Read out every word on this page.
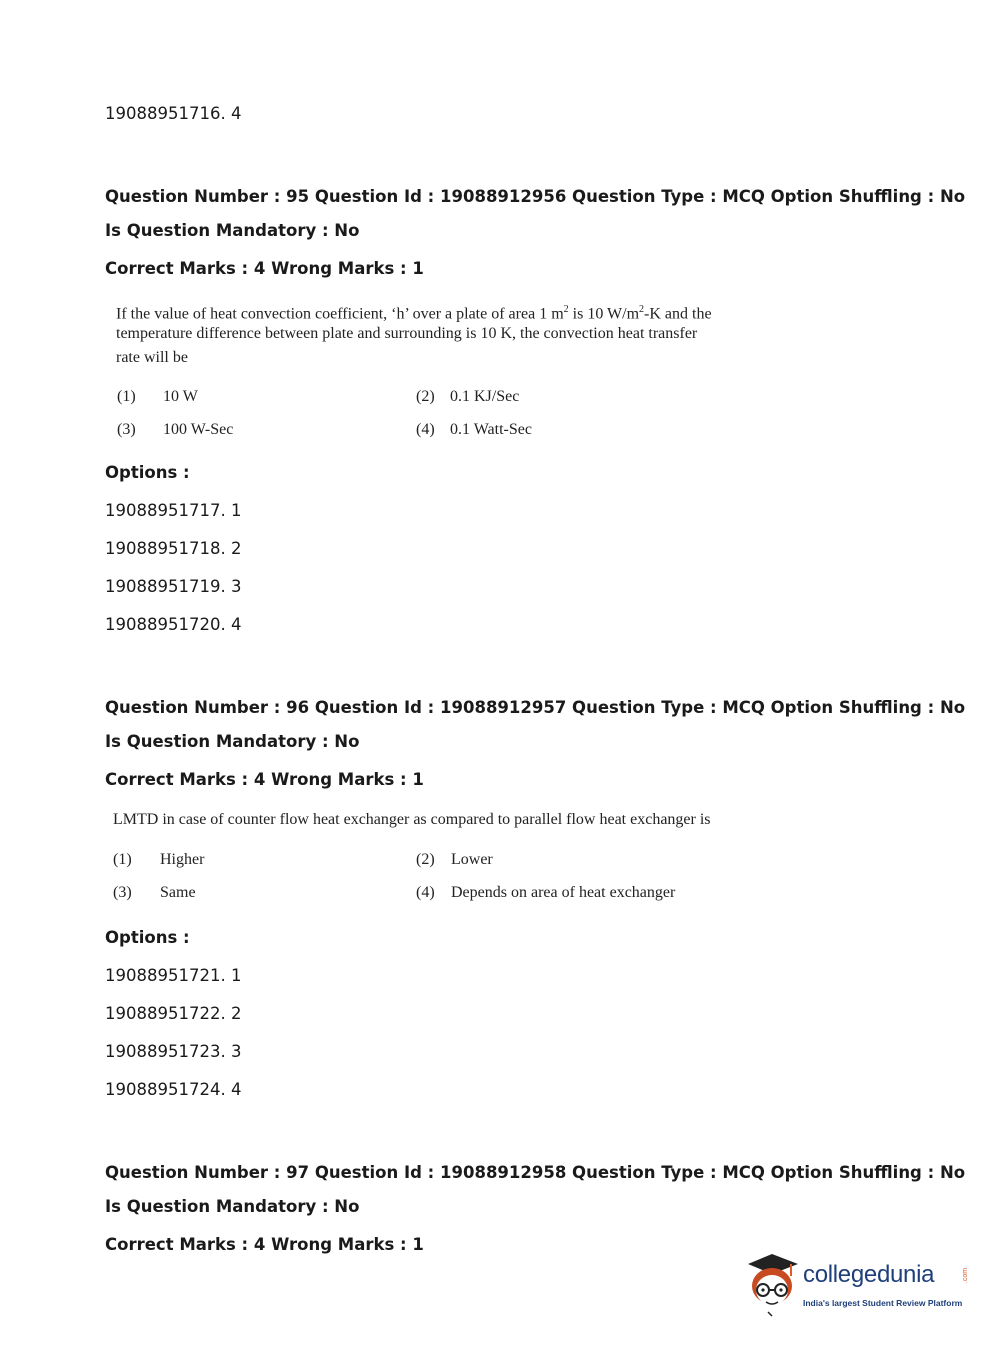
19088951716. 4
Question Number : 95 Question Id : 19088912956 Question Type : MCQ Option Shuffling : No
Is Question Mandatory : No
Correct Marks : 4 Wrong Marks : 1
If the value of heat convection coefficient, ‘h’ over a plate of area 1 $m^2$ is 10 $W/m^2-K$ and the
temperature difference between plate and surrounding is 10 K, the convection heat transfer
rate will be
(1) 10 W	(2) 0.1 KJ/Sec
(3) 100 W-Sec	(4) 0.1 Watt-Sec
Options :
19088951717. 1
19088951718. 2
19088951719. 3
19088951720. 4
Question Number : 96 Question Id : 19088912957 Question Type : MCQ Option Shuffling : No
Is Question Mandatory : No
Correct Marks : 4 Wrong Marks : 1
LMTD in case of counter flow heat exchanger as compared to parallel flow heat exchanger is
(1) Higher	(2) Lower
(3) Same	(4) Depends on area of heat exchanger
Options :
19088951721. 1
19088951722. 2
19088951723. 3
19088951724. 4
Question Number : 97 Question Id : 19088912958 Question Type : MCQ Option Shuffling : No
Is Question Mandatory : No
Correct Marks : 4 Wrong Marks : 1
collegedunia	.com
India's largest Student Review Platform
